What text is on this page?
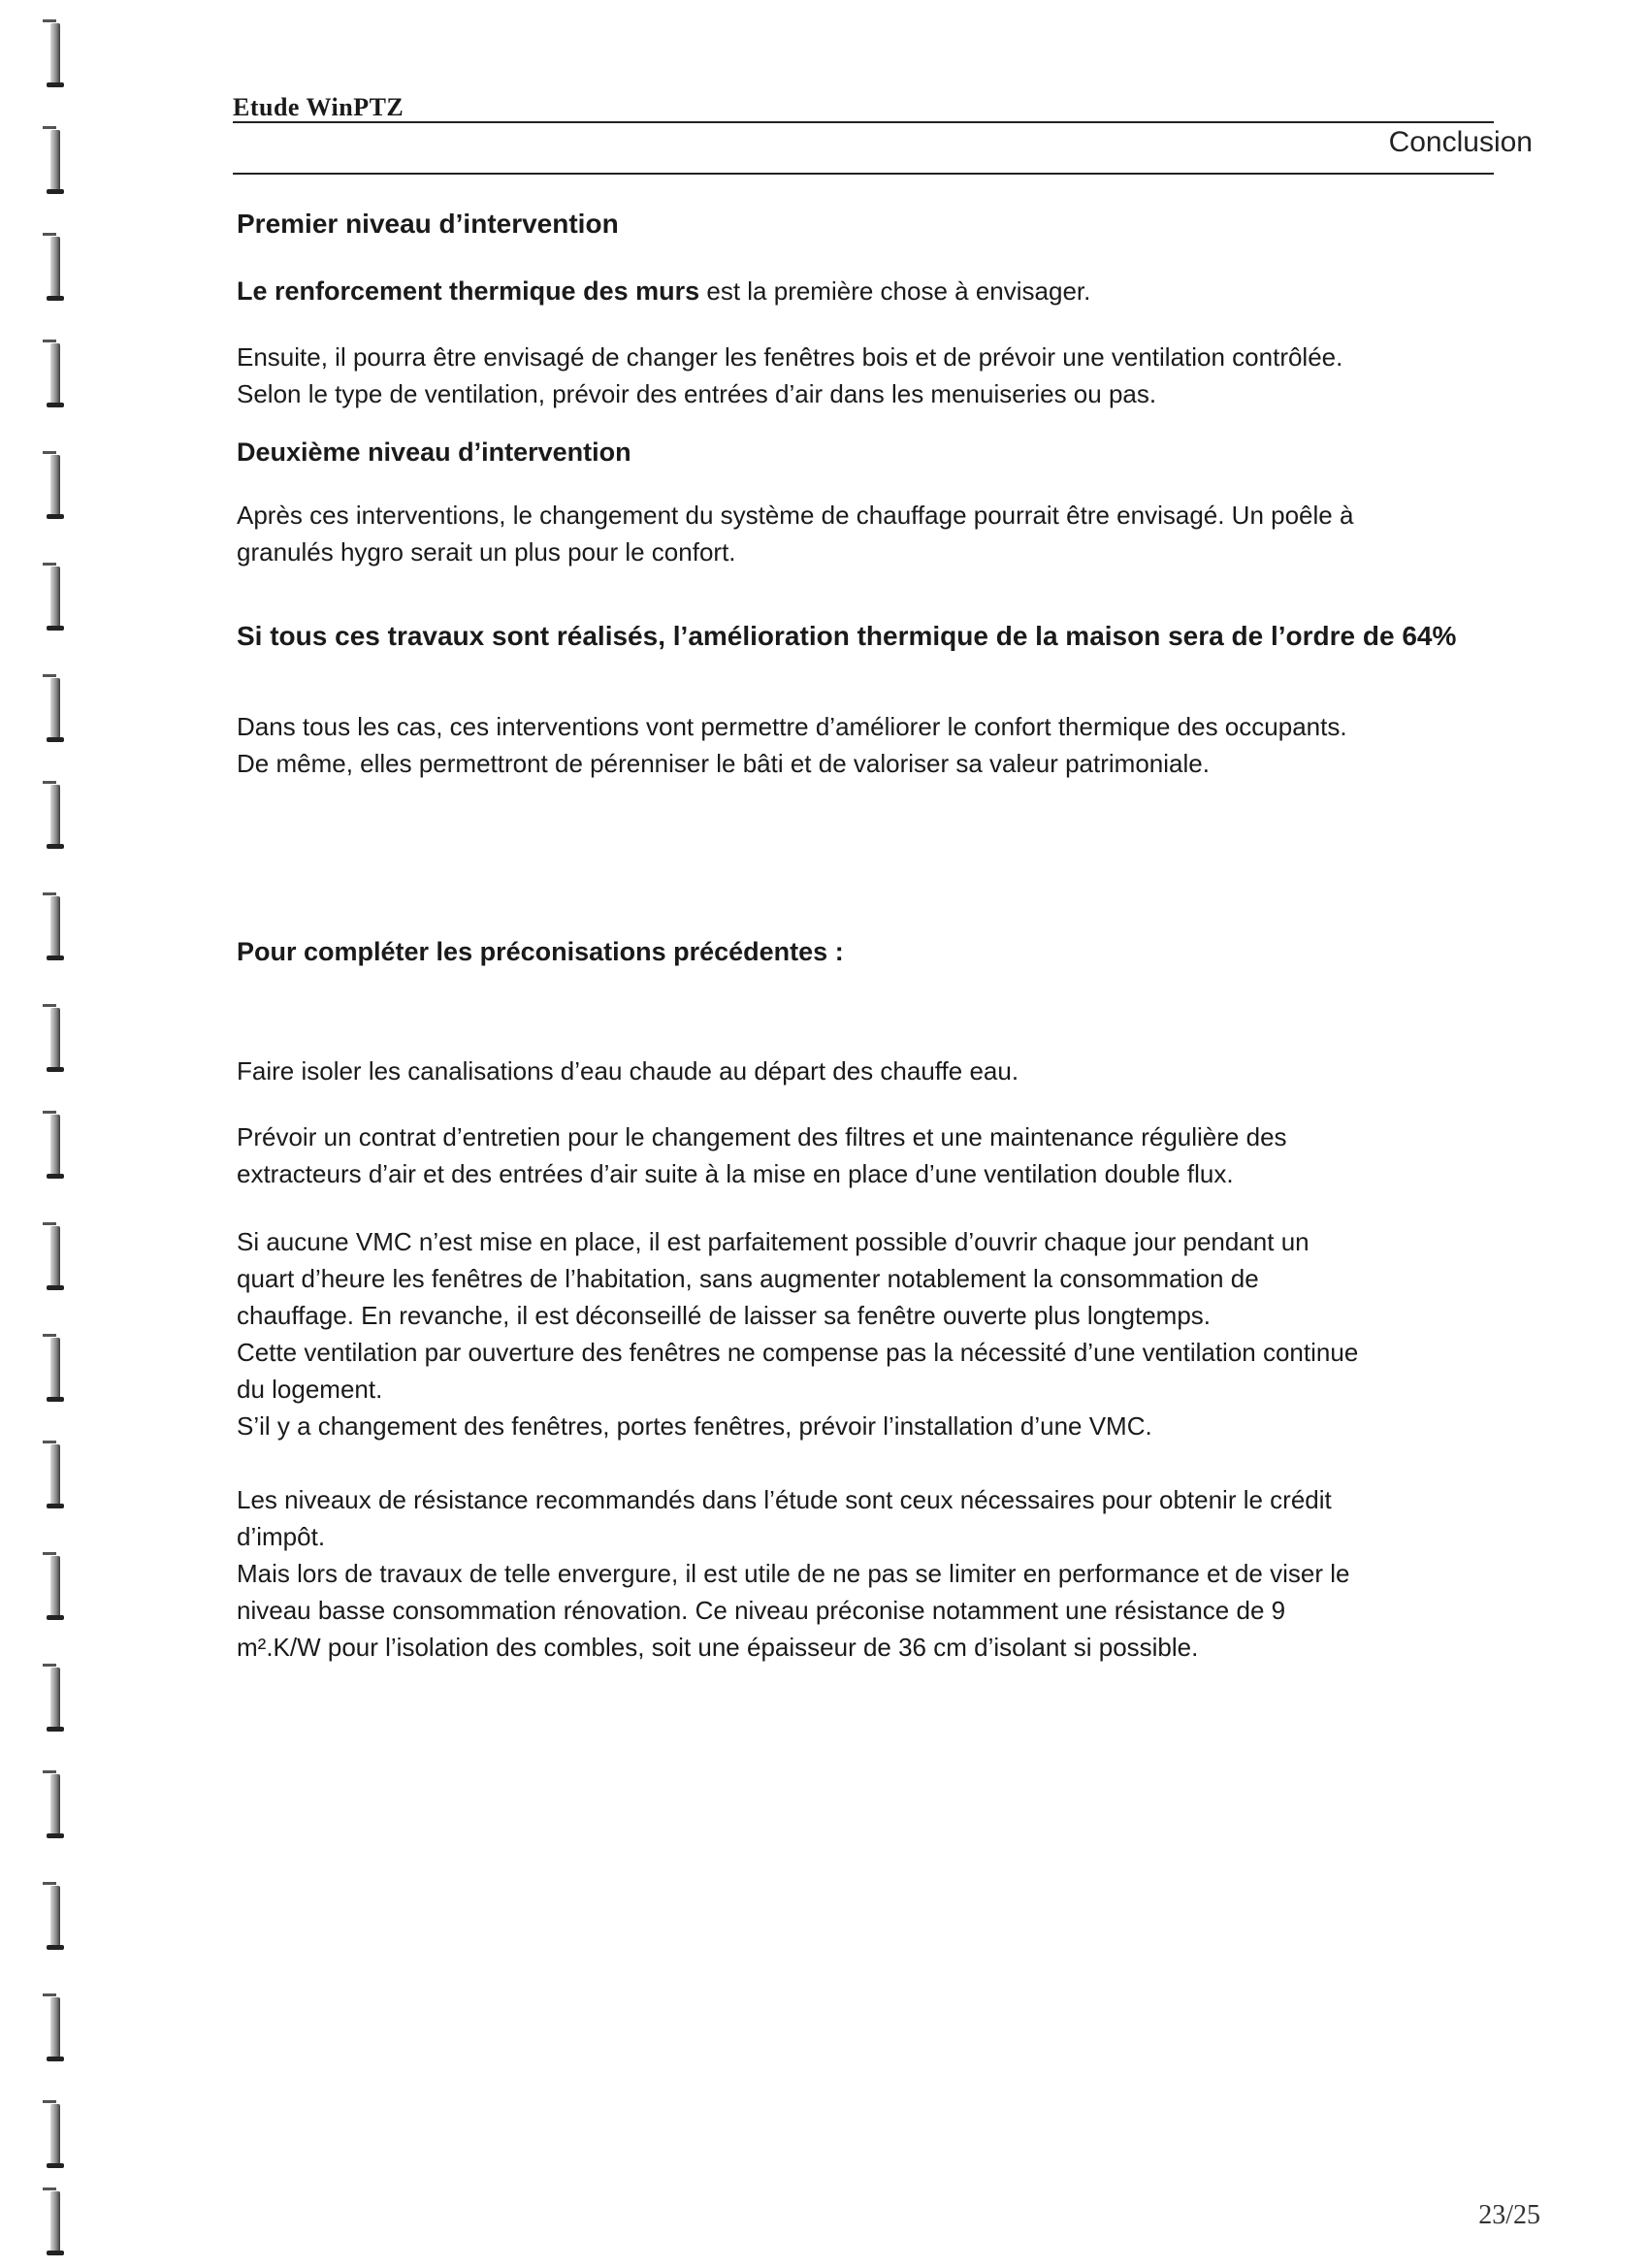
Etude WinPTZ
Conclusion

Premier niveau d’intervention

Le renforcement thermique des murs est la première chose à envisager.

Ensuite, il pourra être envisagé de changer les fenêtres bois et de prévoir une ventilation contrôlée.

Selon le type de ventilation, prévoir des entrées d’air dans les menuiseries ou pas.

Deuxième niveau d’intervention

Après ces interventions, le changement du système de chauffage pourrait être envisagé. Un poêle à

granulés hygro serait un plus pour le confort.

Si tous ces travaux sont réalisés, l’amélioration thermique de la maison sera de l’ordre de 64%

Dans tous les cas, ces interventions vont permettre d’améliorer le confort thermique des occupants.

De même, elles permettront de pérenniser le bâti et de valoriser sa valeur patrimoniale.

Pour compléter les préconisations précédentes :

Faire isoler les canalisations d’eau chaude au départ des chauffe eau.

Prévoir un contrat d’entretien pour le changement des filtres et une maintenance régulière des

extracteurs d’air et des entrées d’air suite à la mise en place d’une ventilation double flux.

Si aucune VMC n’est mise en place, il est parfaitement possible d’ouvrir chaque jour pendant un

quart d’heure les fenêtres de l’habitation, sans augmenter notablement la consommation de

chauffage. En revanche, il est déconseillé de laisser sa fenêtre ouverte plus longtemps.

Cette ventilation par ouverture des fenêtres ne compense pas la nécessité d’une ventilation continue

du logement.

S’il y a changement des fenêtres, portes fenêtres, prévoir l’installation d’une VMC.

Les niveaux de résistance recommandés dans l’étude sont ceux nécessaires pour obtenir le crédit

d’impôt.

Mais lors de travaux de telle envergure, il est utile de ne pas se limiter en performance et de viser le

niveau basse consommation rénovation. Ce niveau préconise notamment une résistance de 9

m².K/W pour l’isolation des combles, soit une épaisseur de 36 cm d’isolant si possible.

23/25
